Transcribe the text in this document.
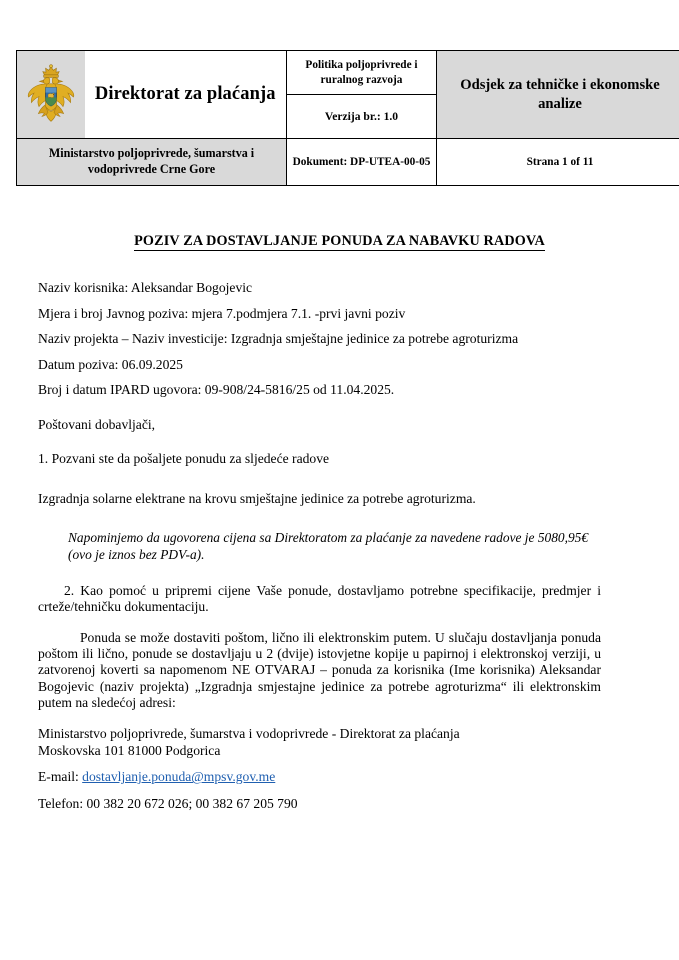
	Direktorat za plaćanja	Politika poljoprivrede i ruralnog razvoja	Odsjek za tehničke i ekonomske analize
		Verzija br.: 1.0	
Ministarstvo poljoprivrede, šumarstva i vodoprivrede Crne Gore		Dokument: DP-UTEA-00-05	Strana 1 of 11
POZIV ZA DOSTAVLJANJE PONUDA ZA NABAVKU RADOVA

Naziv korisnika: Aleksandar Bogojevic

Mjera i broj Javnog poziva: mjera 7.podmjera 7.1. -prvi javni poziv

Naziv projekta – Naziv investicije: Izgradnja smještajne jedinice za potrebe agroturizma

Datum poziva: 06.09.2025

Broj i datum IPARD ugovora: 09-908/24-5816/25 od 11.04.2025.

Poštovani dobavljači,

1. Pozvani ste da pošaljete ponudu za sljedeće radove

Izgradnja solarne elektrane na krovu smještajne jedinice za potrebe agroturizma.

Napominjemo da ugovorena cijena sa Direktoratom za plaćanje za navedene radove je 5080,95€ (ovo je iznos bez PDV-a).

2. Kao pomoć u pripremi cijene Vaše ponude, dostavljamo potrebne specifikacije, predmjer i crteže/tehničku dokumentaciju.

Ponuda se može dostaviti poštom, lično ili elektronskim putem. U slučaju dostavljanja ponuda poštom ili lično, ponude se dostavljaju u 2 (dvije) istovjetne kopije u papirnoj i elektronskoj verziji, u zatvorenoj koverti sa napomenom NE OTVARAJ – ponuda za korisnika (Ime korisnika) Aleksandar Bogojevic (naziv projekta) „Izgradnja smjestajne jedinice za potrebe agroturizma“ ili elektronskim putem na sledećoj adresi:

Ministarstvo poljoprivrede, šumarstva i vodoprivrede - Direktorat za plaćanja

Moskovska 101 81000 Podgorica

E-mail: dostavljanje.ponuda@mpsv.gov.me

Telefon: 00 382 20 672 026; 00 382 67 205 790
